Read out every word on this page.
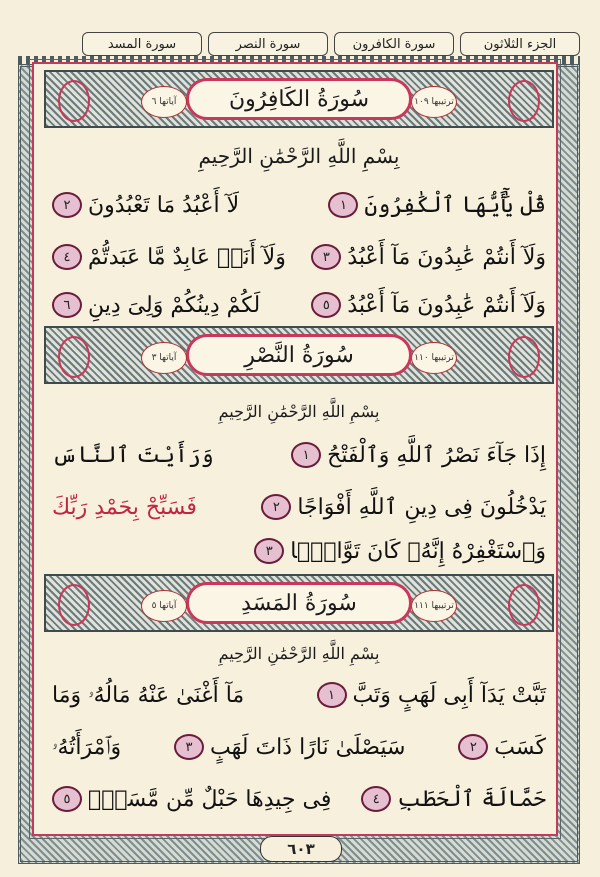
الجزء الثلاثون
سورة الكافرون
سورة النصر
سورة المسد
ترتيبها ١٠٩
سُورَةُ الكَافِرُونَ
آياتها ٦
بِسْمِ اللَّهِ الرَّحْمَٰنِ الرَّحِيمِ
قُلْ يَٰٓأَيُّهَا ٱلْكَٰفِرُونَ
١
لَآ أَعْبُدُ مَا تَعْبُدُونَ
٢
وَلَآ أَنتُمْ عَٰبِدُونَ مَآ أَعْبُدُ
٣
وَلَآ أَنَا۠ عَابِدٌ مَّا عَبَدتُّمْ
٤
وَلَآ أَنتُمْ عَٰبِدُونَ مَآ أَعْبُدُ
٥
لَكُمْ دِينُكُمْ وَلِىَ دِينِ
٦
ترتيبها ١١٠
سُورَةُ النَّصْرِ
آياتها ٣
بِسْمِ اللَّهِ الرَّحْمَٰنِ الرَّحِيمِ
إِذَا جَآءَ نَصْرُ ٱللَّهِ وَٱلْفَتْحُ
١
وَرَأَيْتَ ٱلنَّاسَ
يَدْخُلُونَ فِى دِينِ ٱللَّهِ أَفْوَاجًا
٢
فَسَبِّحْ بِحَمْدِ رَبِّكَ
وَٱسْتَغْفِرْهُ إِنَّهُۥ كَانَ تَوَّابًۢا
٣
ترتيبها ١١١
سُورَةُ المَسَدِ
آياتها ٥
بِسْمِ اللَّهِ الرَّحْمَٰنِ الرَّحِيمِ
تَبَّتْ يَدَآ أَبِى لَهَبٍ وَتَبَّ
١
مَآ أَغْنَىٰ عَنْهُ مَالُهُۥ وَمَا
كَسَبَ
٢
سَيَصْلَىٰ نَارًا ذَاتَ لَهَبٍ
٣
وَٱمْرَأَتُهُۥ
حَمَّالَةَ ٱلْحَطَبِ
٤
فِى جِيدِهَا حَبْلٌ مِّن مَّسَدٍۭ
٥
٦٠٣
